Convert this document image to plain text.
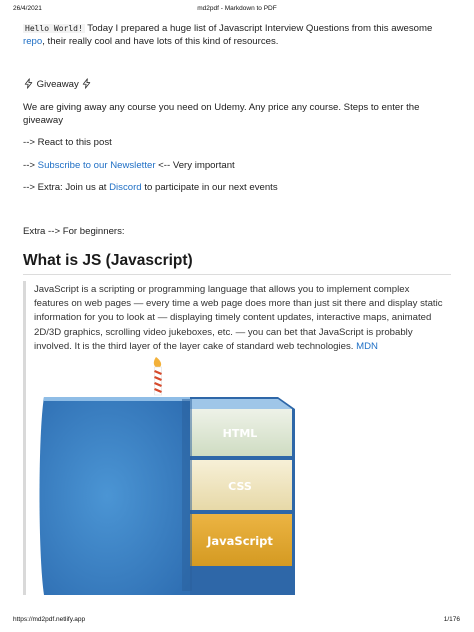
26/4/2021	md2pdf - Markdown to PDF
Hello World! Today I prepared a huge list of Javascript Interview Questions from this awesome repo, their really cool and have lots of this kind of resources.
Giveaway
We are giving away any course you need on Udemy. Any price any course. Steps to enter the giveaway
--> React to this post
--> Subscribe to our Newsletter <-- Very important
--> Extra: Join us at Discord to participate in our next events
Extra --> For beginners:
What is JS (Javascript)
JavaScript is a scripting or programming language that allows you to implement complex features on web pages — every time a web page does more than just sit there and display static information for you to look at — displaying timely content updates, interactive maps, animated 2D/3D graphics, scrolling video jukeboxes, etc. — you can bet that JavaScript is probably involved. It is the third layer of the layer cake of standard web technologies. MDN
HTML
CSS
JavaScript
https://md2pdf.netlify.app	1/176
